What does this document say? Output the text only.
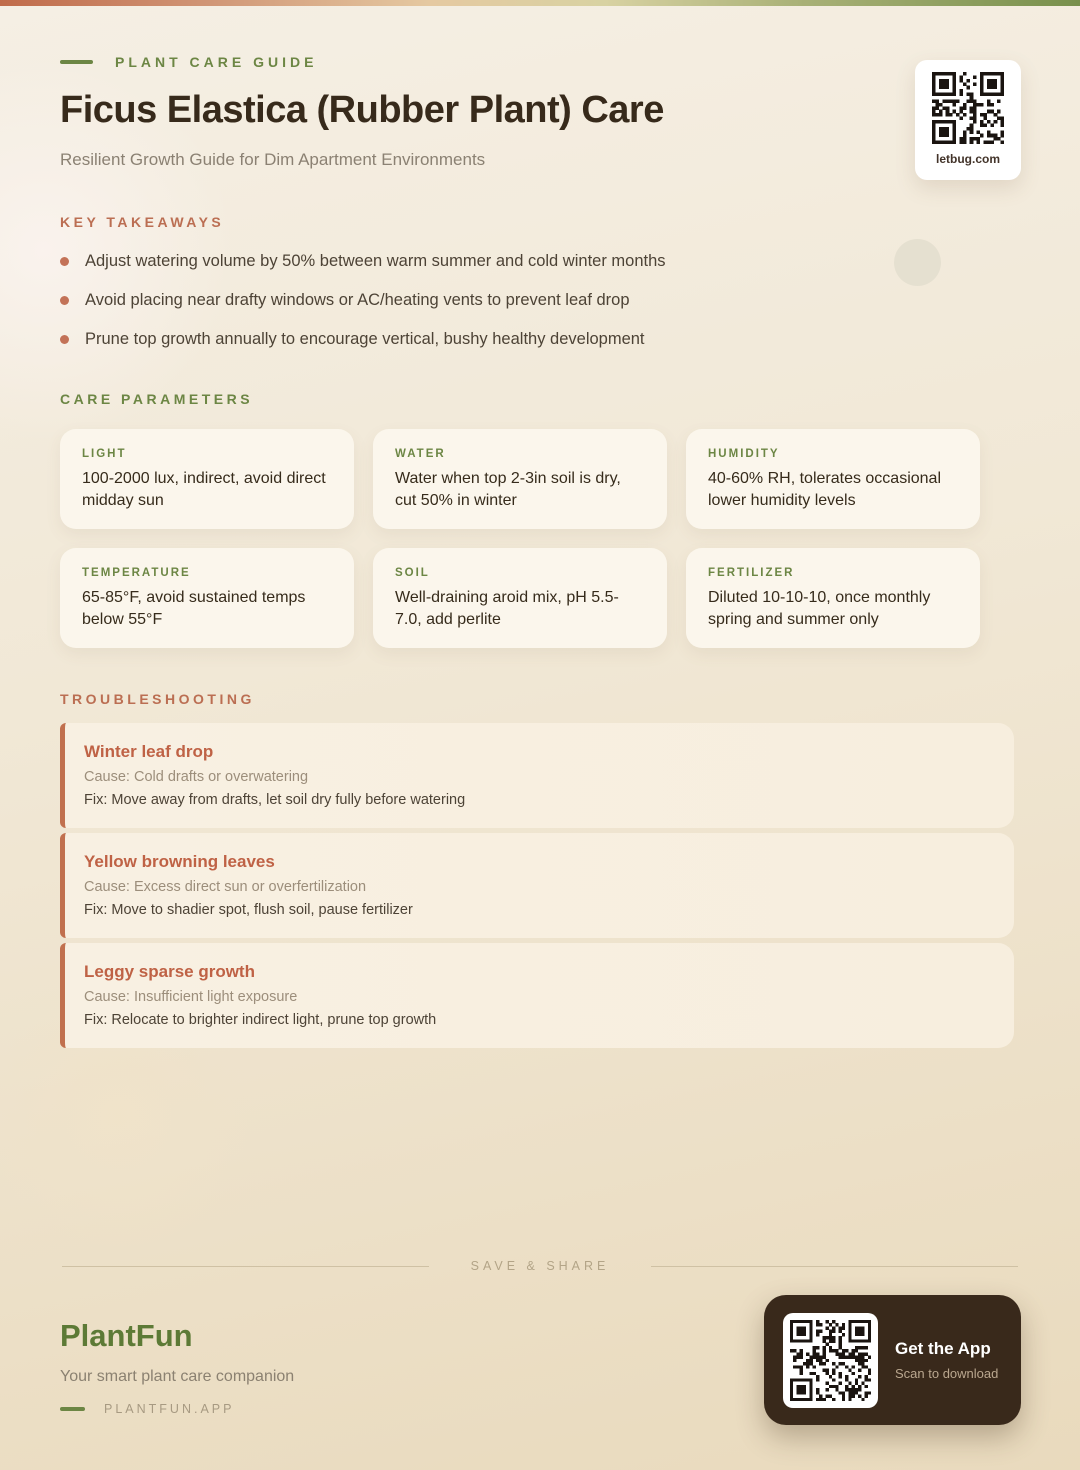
PLANT CARE GUIDE
Ficus Elastica (Rubber Plant) Care
Resilient Growth Guide for Dim Apartment Environments	letbug.com
KEY TAKEAWAYS
Adjust watering volume by 50% between warm summer and cold winter months
Avoid placing near drafty windows or AC/heating vents to prevent leaf drop
Prune top growth annually to encourage vertical, bushy healthy development
CARE PARAMETERS
LIGHT
100-2000 lux, indirect, avoid direct midday sun
WATER
Water when top 2-3in soil is dry, cut 50% in winter
HUMIDITY
40-60% RH, tolerates occasional lower humidity levels
TEMPERATURE
65-85°F, avoid sustained temps below 55°F
SOIL
Well-draining aroid mix, pH 5.5-7.0, add perlite
FERTILIZER
Diluted 10-10-10, once monthly spring and summer only
TROUBLESHOOTING
Winter leaf drop
Cause: Cold drafts or overwatering
Fix: Move away from drafts, let soil dry fully before watering
Yellow browning leaves
Cause: Excess direct sun or overfertilization
Fix: Move to shadier spot, flush soil, pause fertilizer
Leggy sparse growth
Cause: Insufficient light exposure
Fix: Relocate to brighter indirect light, prune top growth
SAVE & SHARE
PlantFun
Your smart plant care companion
PLANTFUN.APP
Get the App
Scan to download
